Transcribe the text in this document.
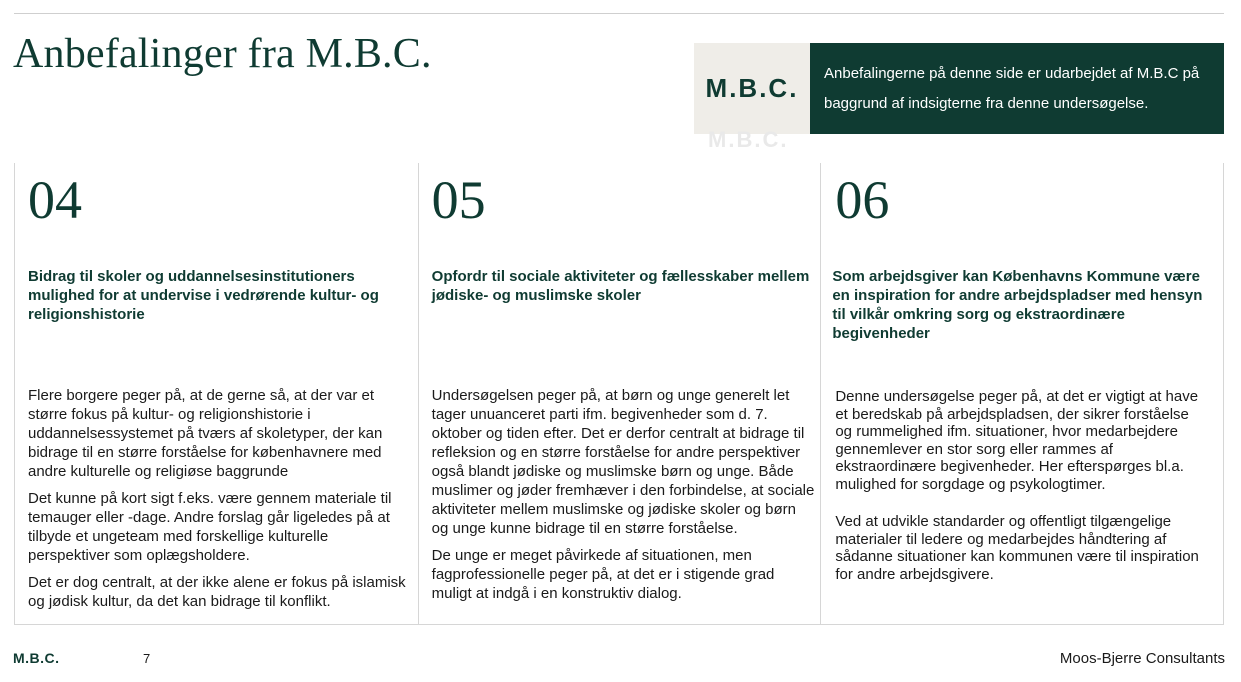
Anbefalinger fra M.B.C.
M.B.C.
M.B.C.
Anbefalingerne på denne side er udarbejdet af M.B.C på baggrund af indsigterne fra denne undersøgelse.
04
Bidrag til skoler og uddannelsesinstitutioners mulighed for at undervise i vedrørende kultur- og religionshistorie

Flere borgere peger på, at de gerne så, at der var et større fokus på kultur- og religionshistorie i uddannelsessystemet på tværs af skoletyper, der kan bidrage til en større forståelse for københavnere med andre kulturelle og religiøse baggrunde

Det kunne på kort sigt f.eks. være gennem materiale til temauger eller -dage. Andre forslag går ligeledes på at tilbyde et ungeteam med forskellige kulturelle perspektiver som oplægsholdere.

Det er dog centralt, at der ikke alene er fokus på islamisk og jødisk kultur, da det kan bidrage til konflikt.

05
Opfordr til sociale aktiviteter og fællesskaber mellem jødiske- og muslimske skoler

Undersøgelsen peger på, at børn og unge generelt let tager unuanceret parti ifm. begivenheder som d. 7. oktober og tiden efter. Det er derfor centralt at bidrage til refleksion og en større forståelse for andre perspektiver også blandt jødiske og muslimske børn og unge. Både muslimer og jøder fremhæver i den forbindelse, at sociale aktiviteter mellem muslimske og jødiske skoler og børn og unge kunne bidrage til en større forståelse.

De unge er meget påvirkede af situationen, men fagprofessionelle peger på, at det er i stigende grad muligt at indgå i en konstruktiv dialog.

06
Som arbejdsgiver kan Københavns Kommune være en inspiration for andre arbejdspladser med hensyn til vilkår omkring sorg og ekstraordinære begivenheder

Denne undersøgelse peger på, at det er vigtigt at have et beredskab på arbejdspladsen, der sikrer forståelse og rummelighed ifm. situationer, hvor medarbejdere gennemlever en stor sorg eller rammes af ekstraordinære begivenheder. Her efterspørges bl.a. mulighed for sorgdage og psykologtimer.

Ved at udvikle standarder og offentligt tilgængelige materialer til ledere og medarbejdes håndtering af sådanne situationer kan kommunen være til inspiration for andre arbejdsgivere.

M.B.C.	7	Moos-Bjerre Consultants
